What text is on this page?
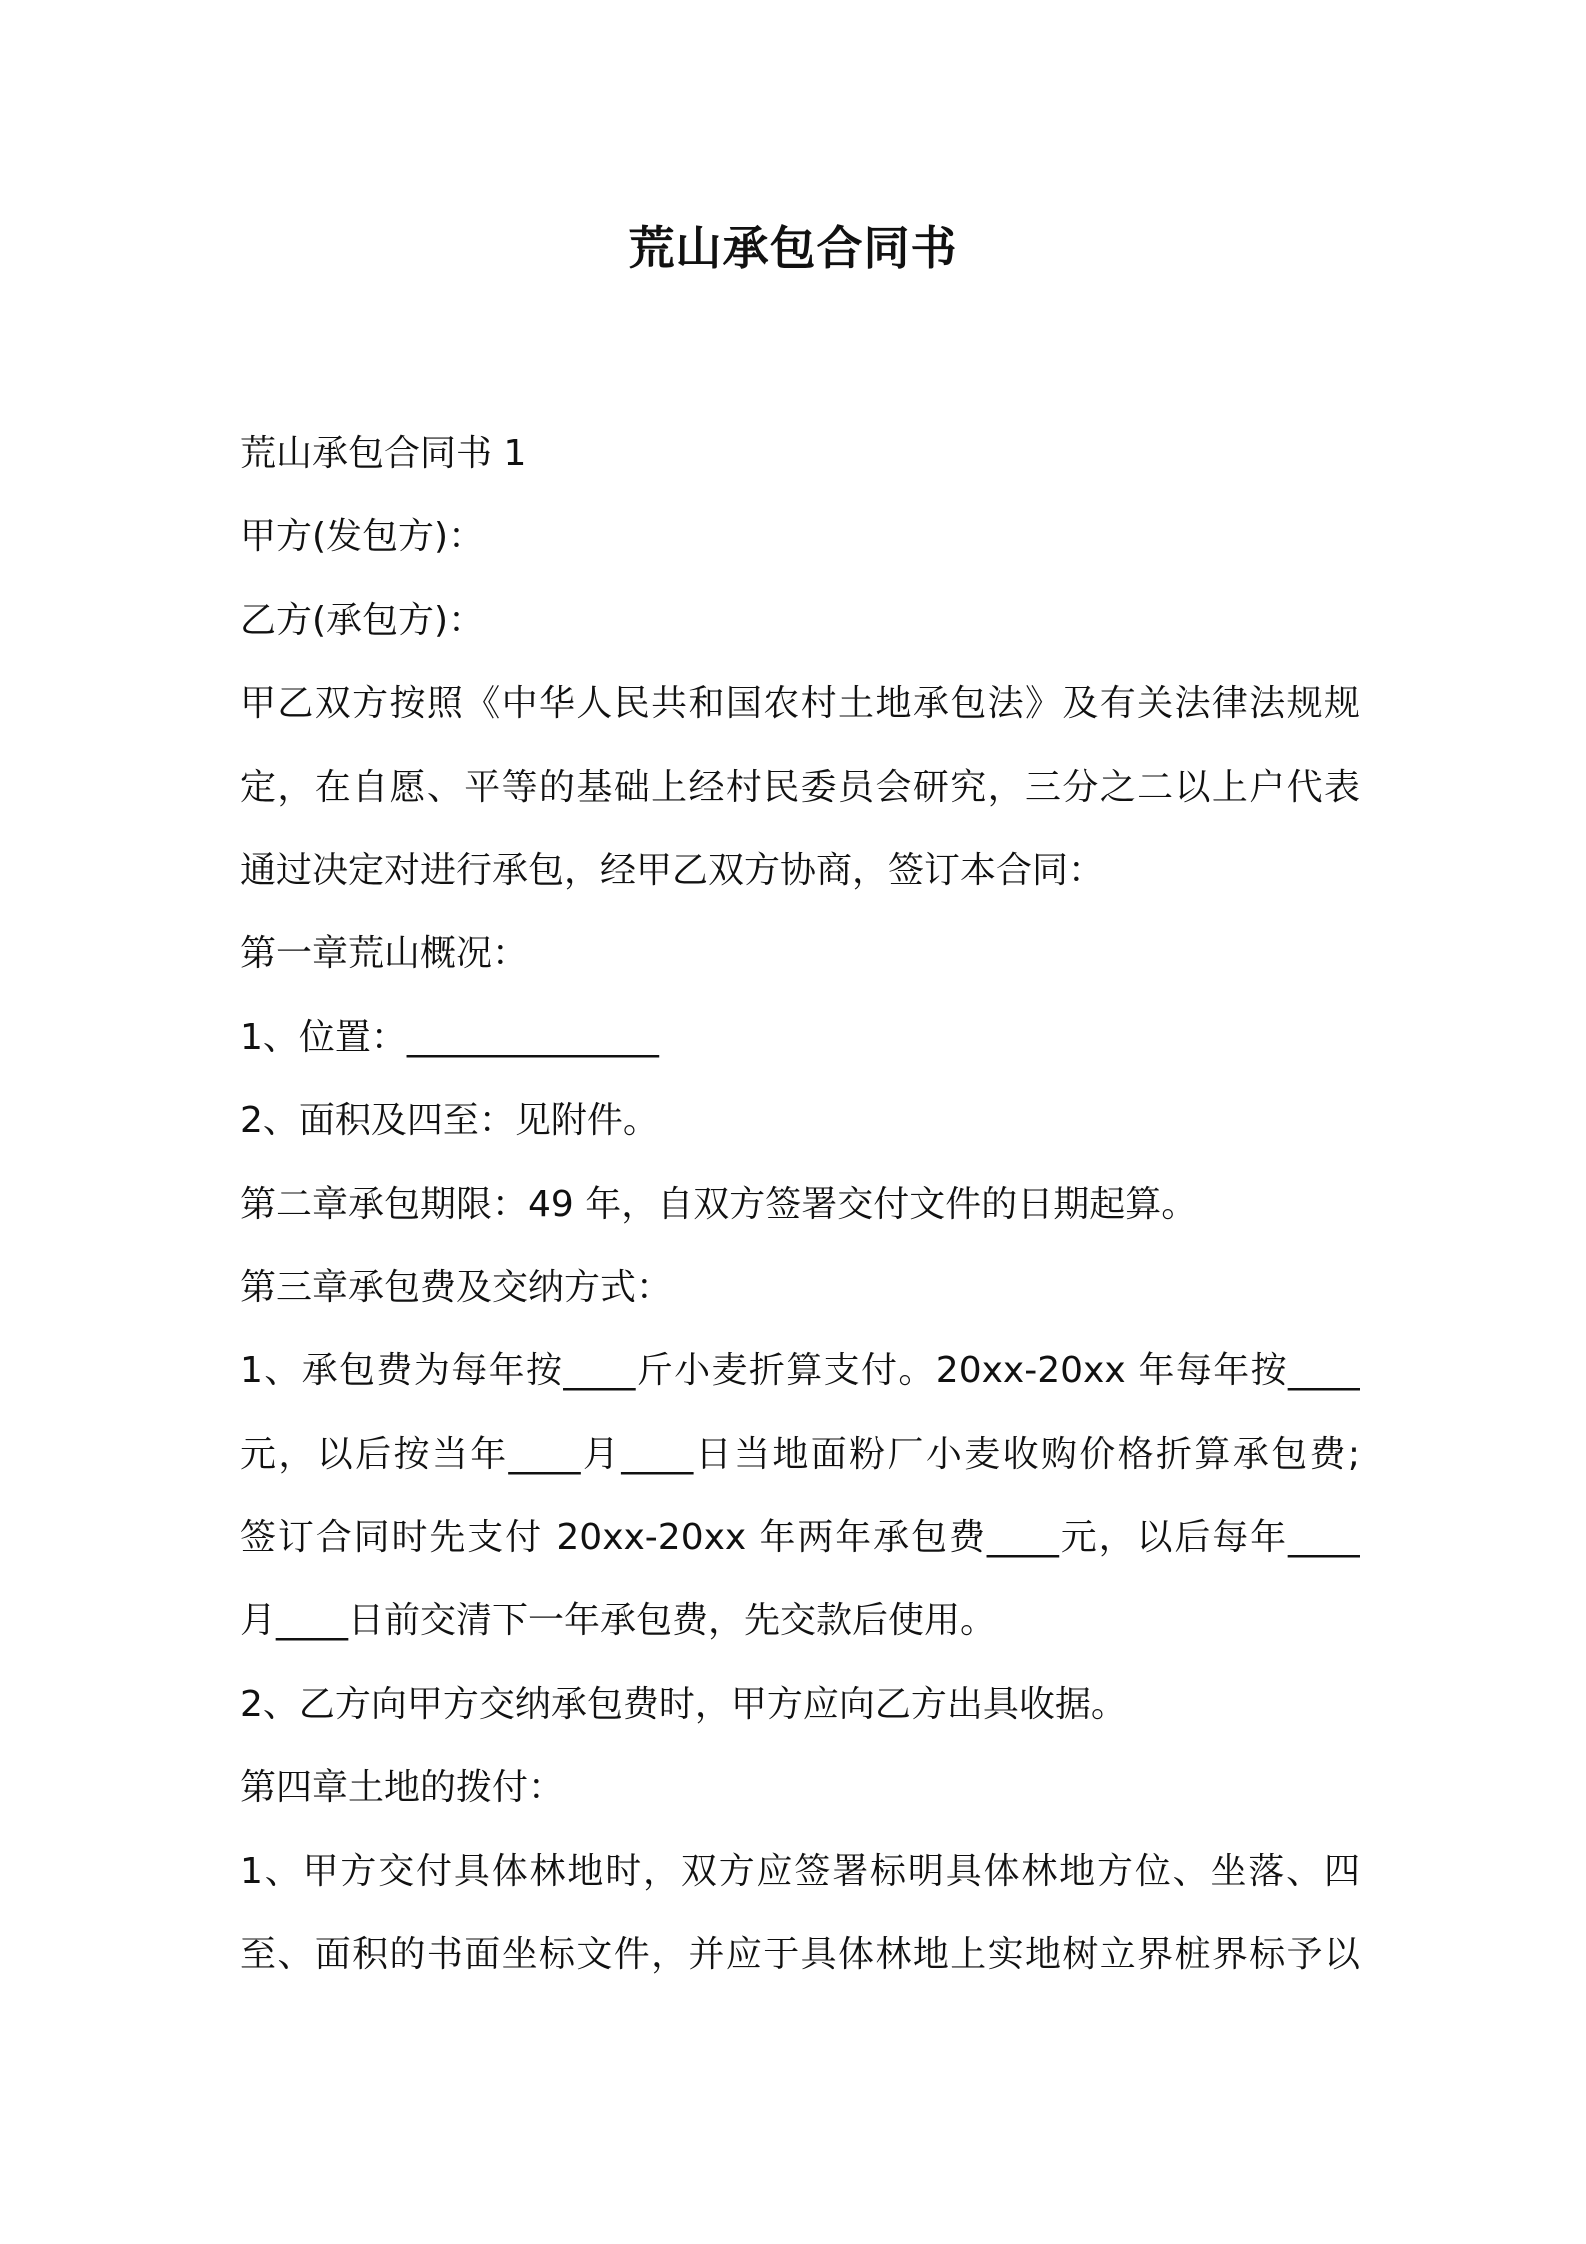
荒山承包合同书
荒山承包合同书 1
甲方(发包方)：
乙方(承包方)：
甲乙双方按照《中华人民共和国农村土地承包法》及有关法律法规规
定，在自愿、平等的基础上经村民委员会研究，三分之二以上户代表
通过决定对进行承包，经甲乙双方协商，签订本合同：
第一章荒山概况：
1、位置：______________
2、面积及四至：见附件。
第二章承包期限：49 年，自双方签署交付文件的日期起算。
第三章承包费及交纳方式：
1、承包费为每年按____斤小麦折算支付。20xx-20xx 年每年按____
元，以后按当年____月____日当地面粉厂小麦收购价格折算承包费;
签订合同时先支付 20xx-20xx 年两年承包费____元，以后每年____
月____日前交清下一年承包费，先交款后使用。
2、乙方向甲方交纳承包费时，甲方应向乙方出具收据。
第四章土地的拨付：
1、甲方交付具体林地时，双方应签署标明具体林地方位、坐落、四
至、面积的书面坐标文件，并应于具体林地上实地树立界桩界标予以
